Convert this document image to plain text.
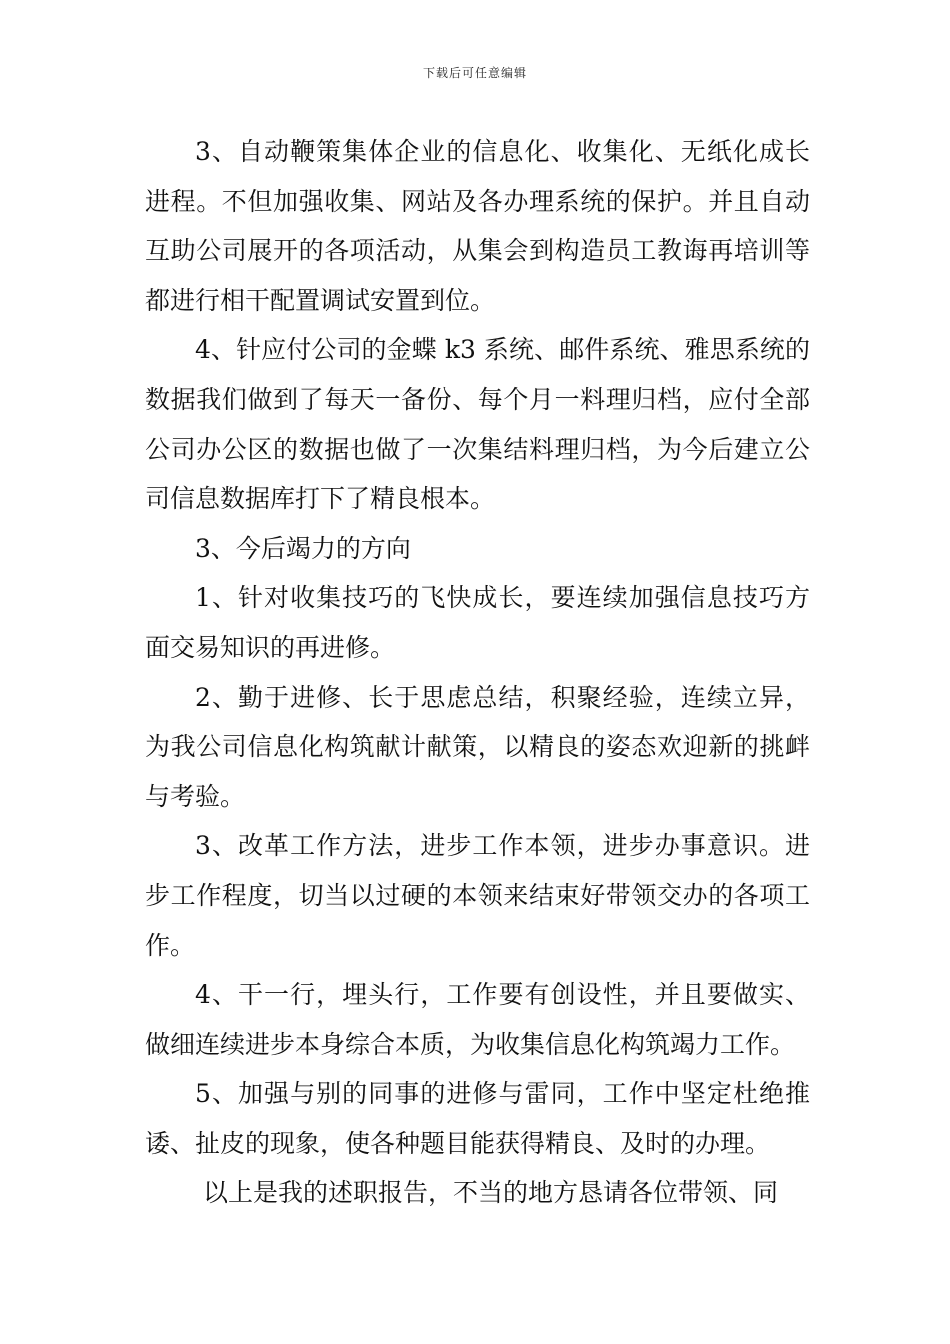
下载后可任意编辑

3、自动鞭策集体企业的信息化、收集化、无纸化成长进程。不但加强收集、网站及各办理系统的保护。并且自动互助公司展开的各项活动，从集会到构造员工教诲再培训等都进行相干配置调试安置到位。

4、针应付公司的金蝶 k3 系统、邮件系统、雅思系统的数据我们做到了每天一备份、每个月一料理归档，应付全部公司办公区的数据也做了一次集结料理归档，为今后建立公司信息数据库打下了精良根本。

3、今后竭力的方向

1、针对收集技巧的飞快成长，要连续加强信息技巧方面交易知识的再进修。

2、勤于进修、长于思虑总结，积聚经验，连续立异，为我公司信息化构筑献计献策，以精良的姿态欢迎新的挑衅与考验。

3、改革工作方法，进步工作本领，进步办事意识。进步工作程度，切当以过硬的本领来结束好带领交办的各项工作。

4、干一行，埋头行，工作要有创设性，并且要做实、做细连续进步本身综合本质，为收集信息化构筑竭力工作。

5、加强与别的同事的进修与雷同，工作中坚定杜绝推诿、扯皮的现象，使各种题目能获得精良、及时的办理。

以上是我的述职报告，不当的地方恳请各位带领、同
